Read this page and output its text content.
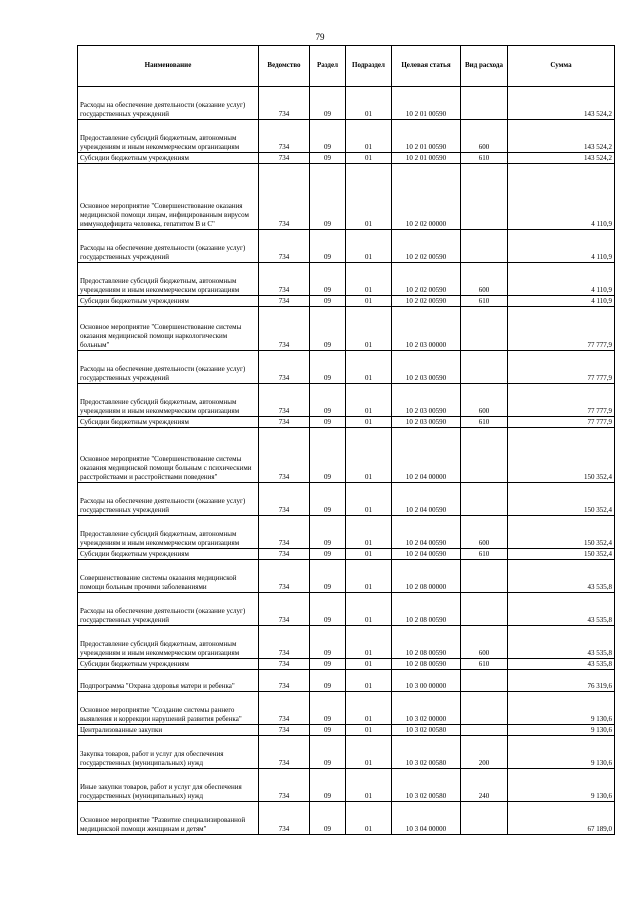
79
Наименование	Ведомство	Раздел	Подраздел	Целевая статья	Вид расхода	Сумма
Расходы на обеспечение деятельности (оказание услуг) государственных учреждений	734	09	01	10 2 01 00590		143 524,2
Предоставление субсидий бюджетным, автономным учреждениям и иным некоммерческим организациям	734	09	01	10 2 01 00590	600	143 524,2
Субсидии бюджетным учреждениям	734	09	01	10 2 01 00590	610	143 524,2
Основное мероприятие "Совершенствование оказания медицинской помощи лицам, инфицированным вирусом иммунодефицита человека, гепатитом В и С"	734	09	01	10 2 02 00000		4 110,9
Расходы на обеспечение деятельности (оказание услуг) государственных учреждений	734	09	01	10 2 02 00590		4 110,9
Предоставление субсидий бюджетным, автономным учреждениям и иным некоммерческим организациям	734	09	01	10 2 02 00590	600	4 110,9
Субсидии бюджетным учреждениям	734	09	01	10 2 02 00590	610	4 110,9
Основное мероприятие "Совершенствование системы оказания медицинской помощи наркологическим больным"	734	09	01	10 2 03 00000		77 777,9
Расходы на обеспечение деятельности (оказание услуг) государственных учреждений	734	09	01	10 2 03 00590		77 777,9
Предоставление субсидий бюджетным, автономным учреждениям и иным некоммерческим организациям	734	09	01	10 2 03 00590	600	77 777,9
Субсидии бюджетным учреждениям	734	09	01	10 2 03 00590	610	77 777,9
Основное мероприятие "Совершенствование системы оказания медицинской помощи больным с психическими расстройствами и расстройствами поведения"	734	09	01	10 2 04 00000		150 352,4
Расходы на обеспечение деятельности (оказание услуг) государственных учреждений	734	09	01	10 2 04 00590		150 352,4
Предоставление субсидий бюджетным, автономным учреждениям и иным некоммерческим организациям	734	09	01	10 2 04 00590	600	150 352,4
Субсидии бюджетным учреждениям	734	09	01	10 2 04 00590	610	150 352,4
Совершенствование системы оказания медицинской помощи больным прочими заболеваниями	734	09	01	10 2 08 00000		43 535,8
Расходы на обеспечение деятельности (оказание услуг) государственных учреждений	734	09	01	10 2 08 00590		43 535,8
Предоставление субсидий бюджетным, автономным учреждениям и иным некоммерческим организациям	734	09	01	10 2 08 00590	600	43 535,8
Субсидии бюджетным учреждениям	734	09	01	10 2 08 00590	610	43 535,8
Подпрограмма "Охрана здоровья матери и ребенка"	734	09	01	10 3 00 00000		76 319,6
Основное мероприятие "Создание системы раннего выявления и коррекции нарушений развития ребенка"	734	09	01	10 3 02 00000		9 130,6
Централизованные закупки	734	09	01	10 3 02 00580		9 130,6
Закупка товаров, работ и услуг для обеспечения государственных (муниципальных) нужд	734	09	01	10 3 02 00580	200	9 130,6
Иные закупки товаров, работ и услуг для обеспечения государственных (муниципальных) нужд	734	09	01	10 3 02 00580	240	9 130,6
Основное мероприятие "Развитие специализированной медицинской помощи женщинам и детям"	734	09	01	10 3 04 00000		67 189,0
